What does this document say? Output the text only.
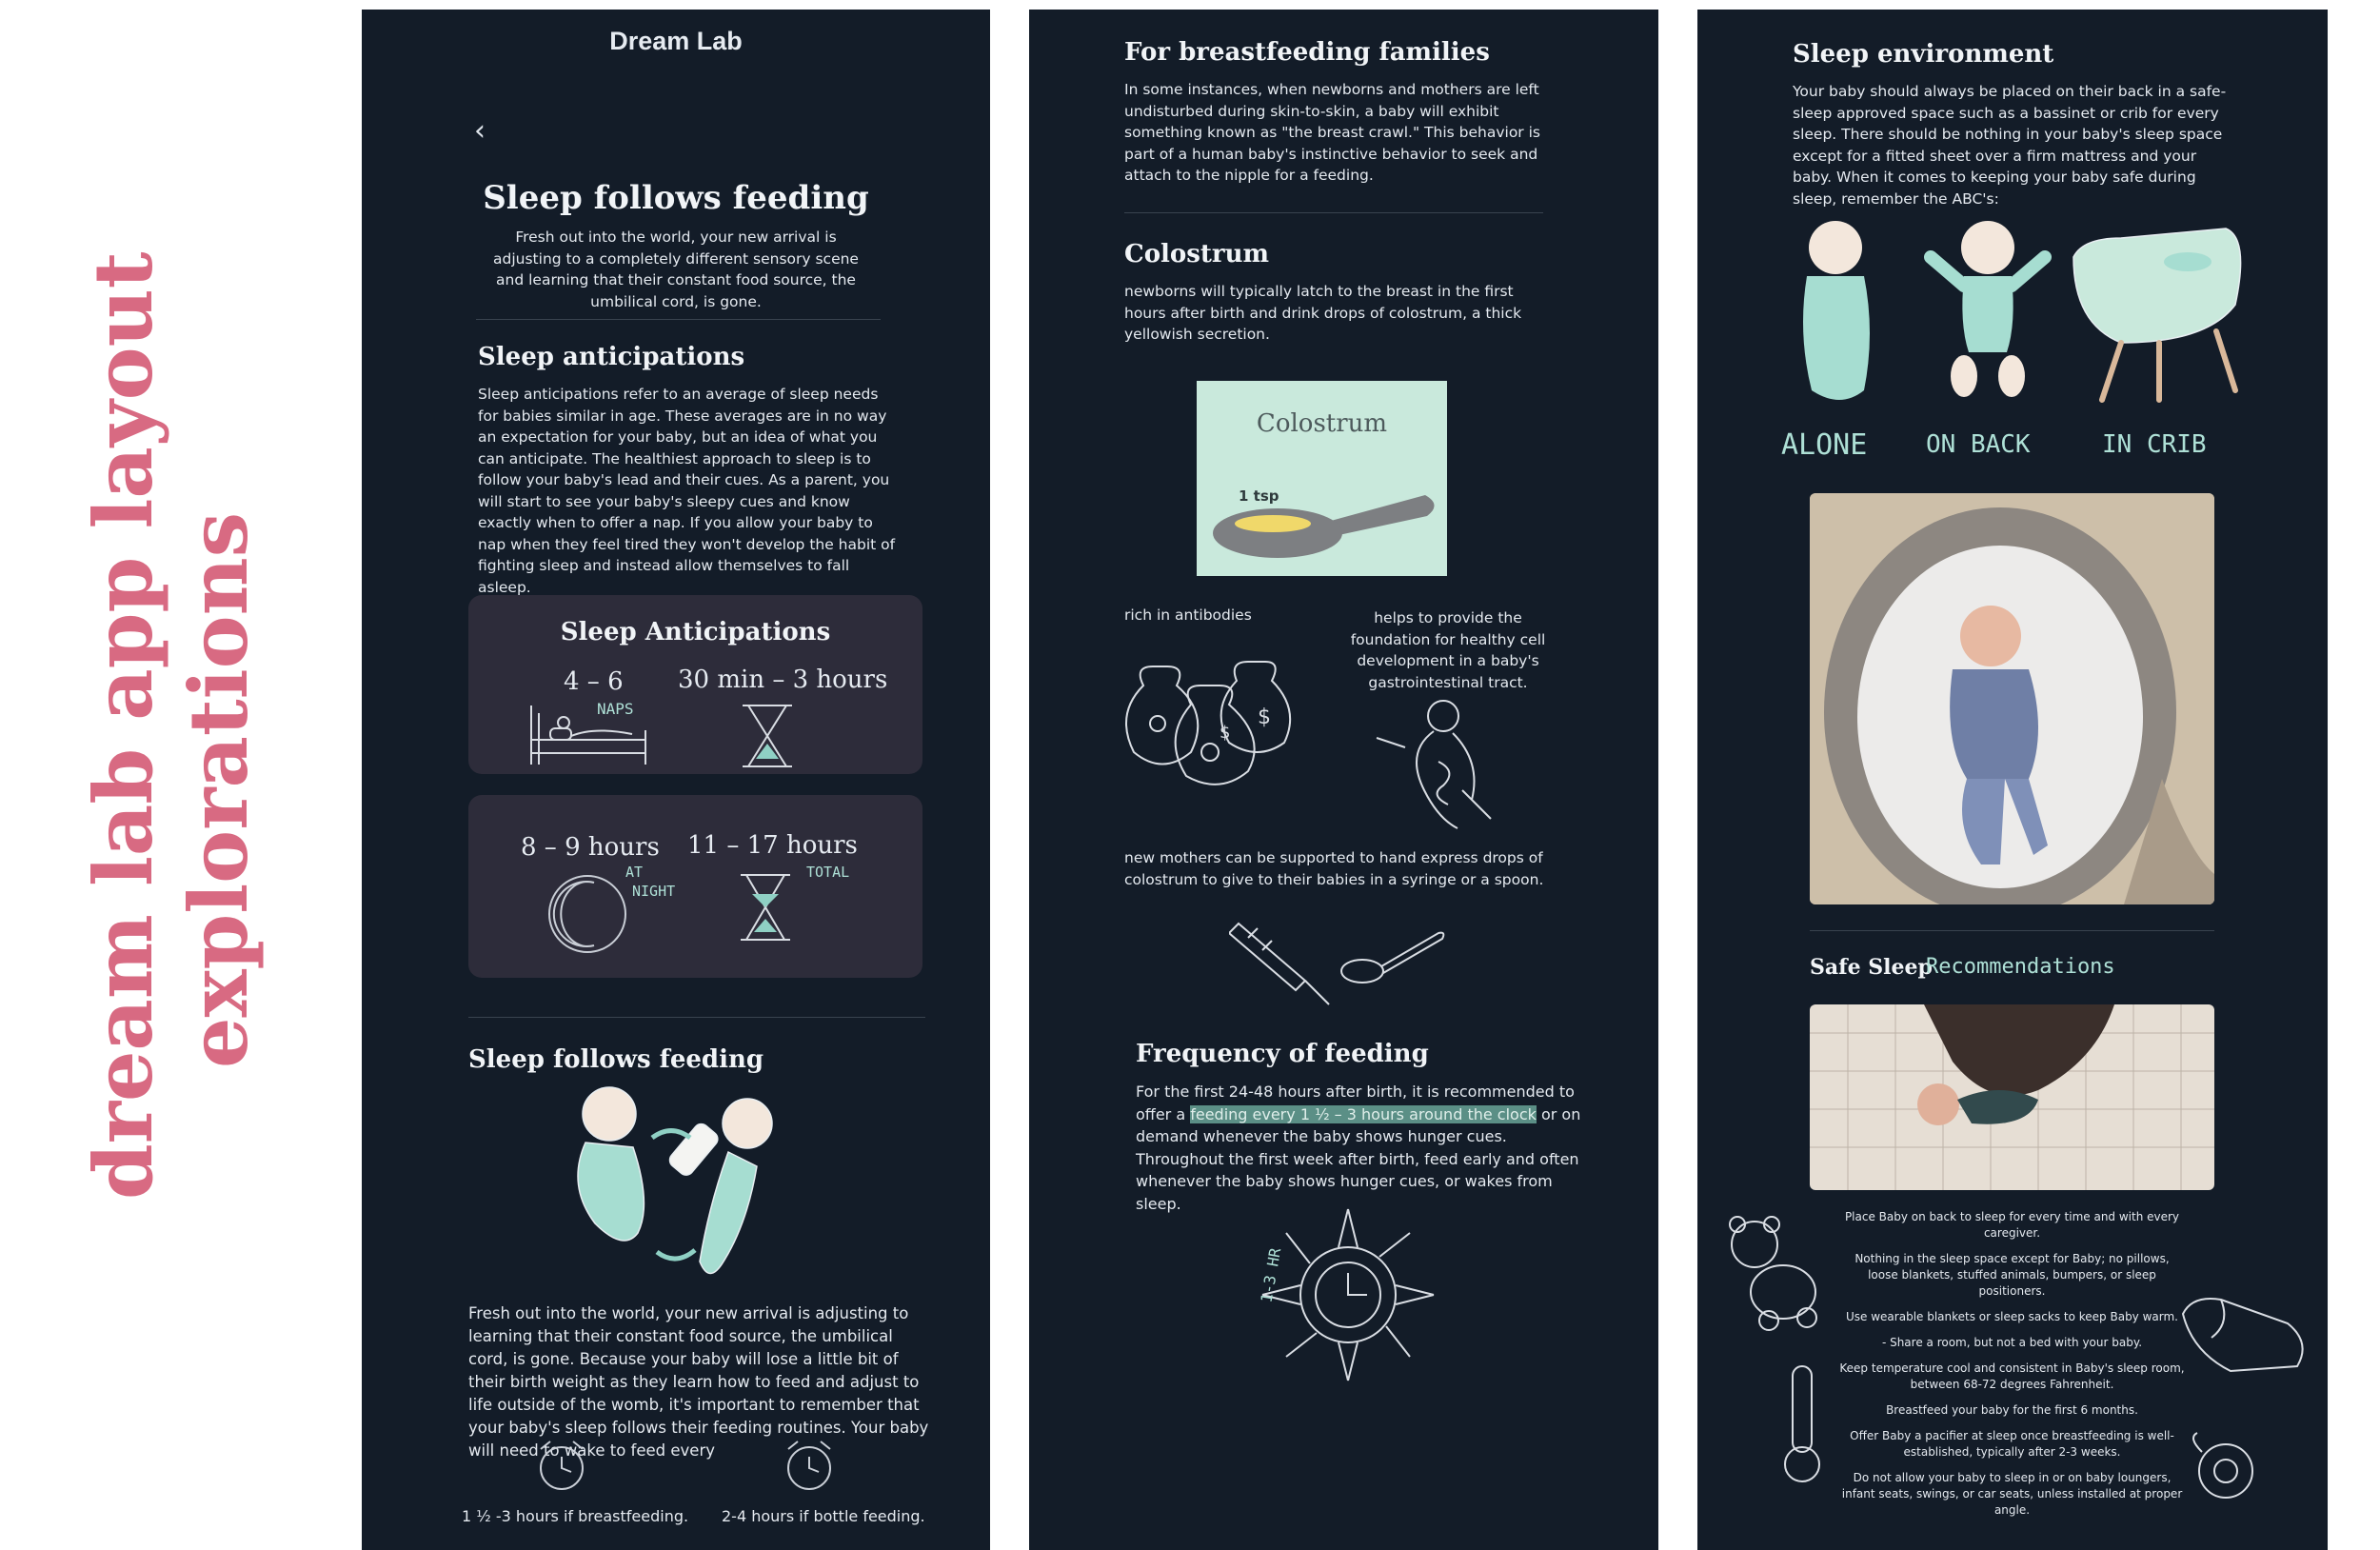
dream lab app layout explorations
Dream Lab
‹
Sleep follows feeding
Fresh out into the world, your new arrival is adjusting to a completely different sensory scene and learning that their constant food source, the umbilical cord, is gone.
Sleep anticipations
Sleep anticipations refer to an average of sleep needs for babies similar in age. These averages are in no way an expectation for your baby, but an idea of what you can anticipate. The healthiest approach to sleep is to follow your baby's lead and their cues. As a parent, you will start to see your baby's sleepy cues and know exactly when to offer a nap. If you allow your baby to nap when they feel tired they won't develop the habit of fighting sleep and instead allow themselves to fall asleep.
Sleep Anticipations
4 – 6
NAPS
30 min – 3 hours
8 – 9 hours
AT
NIGHT
11 – 17 hours
TOTAL
Sleep follows feeding
Fresh out into the world, your new arrival is adjusting to learning that their constant food source, the umbilical cord, is gone. Because your baby will lose a little bit of their birth weight as they learn how to feed and adjust to life outside of the womb, it's important to remember that your baby's sleep follows their feeding routines. Your baby will need to wake to feed every
1 ½ -3 hours if breastfeeding. 2-4 hours if bottle feeding.
For breastfeeding families
In some instances, when newborns and mothers are left undisturbed during skin-to-skin, a baby will exhibit something known as "the breast crawl." This behavior is part of a human baby's instinctive behavior to seek and attach to the nipple for a feeding.
Colostrum
newborns will typically latch to the breast in the first hours after birth and drink drops of colostrum, a thick yellowish secretion.
Colostrum
1 tsp
rich in antibodies	helps to provide the foundation for healthy cell development in a baby's gastrointestinal tract.
$
$
new mothers can be supported to hand express drops of colostrum to give to their babies in a syringe or a spoon.
Frequency of feeding
For the first 24-48 hours after birth, it is recommended to offer a feeding every 1 ½ – 3 hours around the clock or on demand whenever the baby shows hunger cues. Throughout the first week after birth, feed early and often whenever the baby shows hunger cues, or wakes from sleep.
1-3 HR
Sleep environment
Your baby should always be placed on their back in a safe-sleep approved space such as a bassinet or crib for every sleep. There should be nothing in your baby's sleep space except for a fitted sheet over a firm mattress and your baby. When it comes to keeping your baby safe during sleep, remember the ABC's:
ALONE ON BACK	IN CRIB
Safe Sleep
Recommendations
Place Baby on back to sleep for every time and with every caregiver.
Nothing in the sleep space except for Baby; no pillows, loose blankets, stuffed animals, bumpers, or sleep positioners.
Use wearable blankets or sleep sacks to keep Baby warm.
- Share a room, but not a bed with your baby.
Keep temperature cool and consistent in Baby's sleep room, between 68-72 degrees Fahrenheit.
Breastfeed your baby for the first 6 months.
Offer Baby a pacifier at sleep once breastfeeding is well-established, typically after 2-3 weeks.
Do not allow your baby to sleep in or on baby loungers, infant seats, swings, or car seats, unless installed at proper angle.
